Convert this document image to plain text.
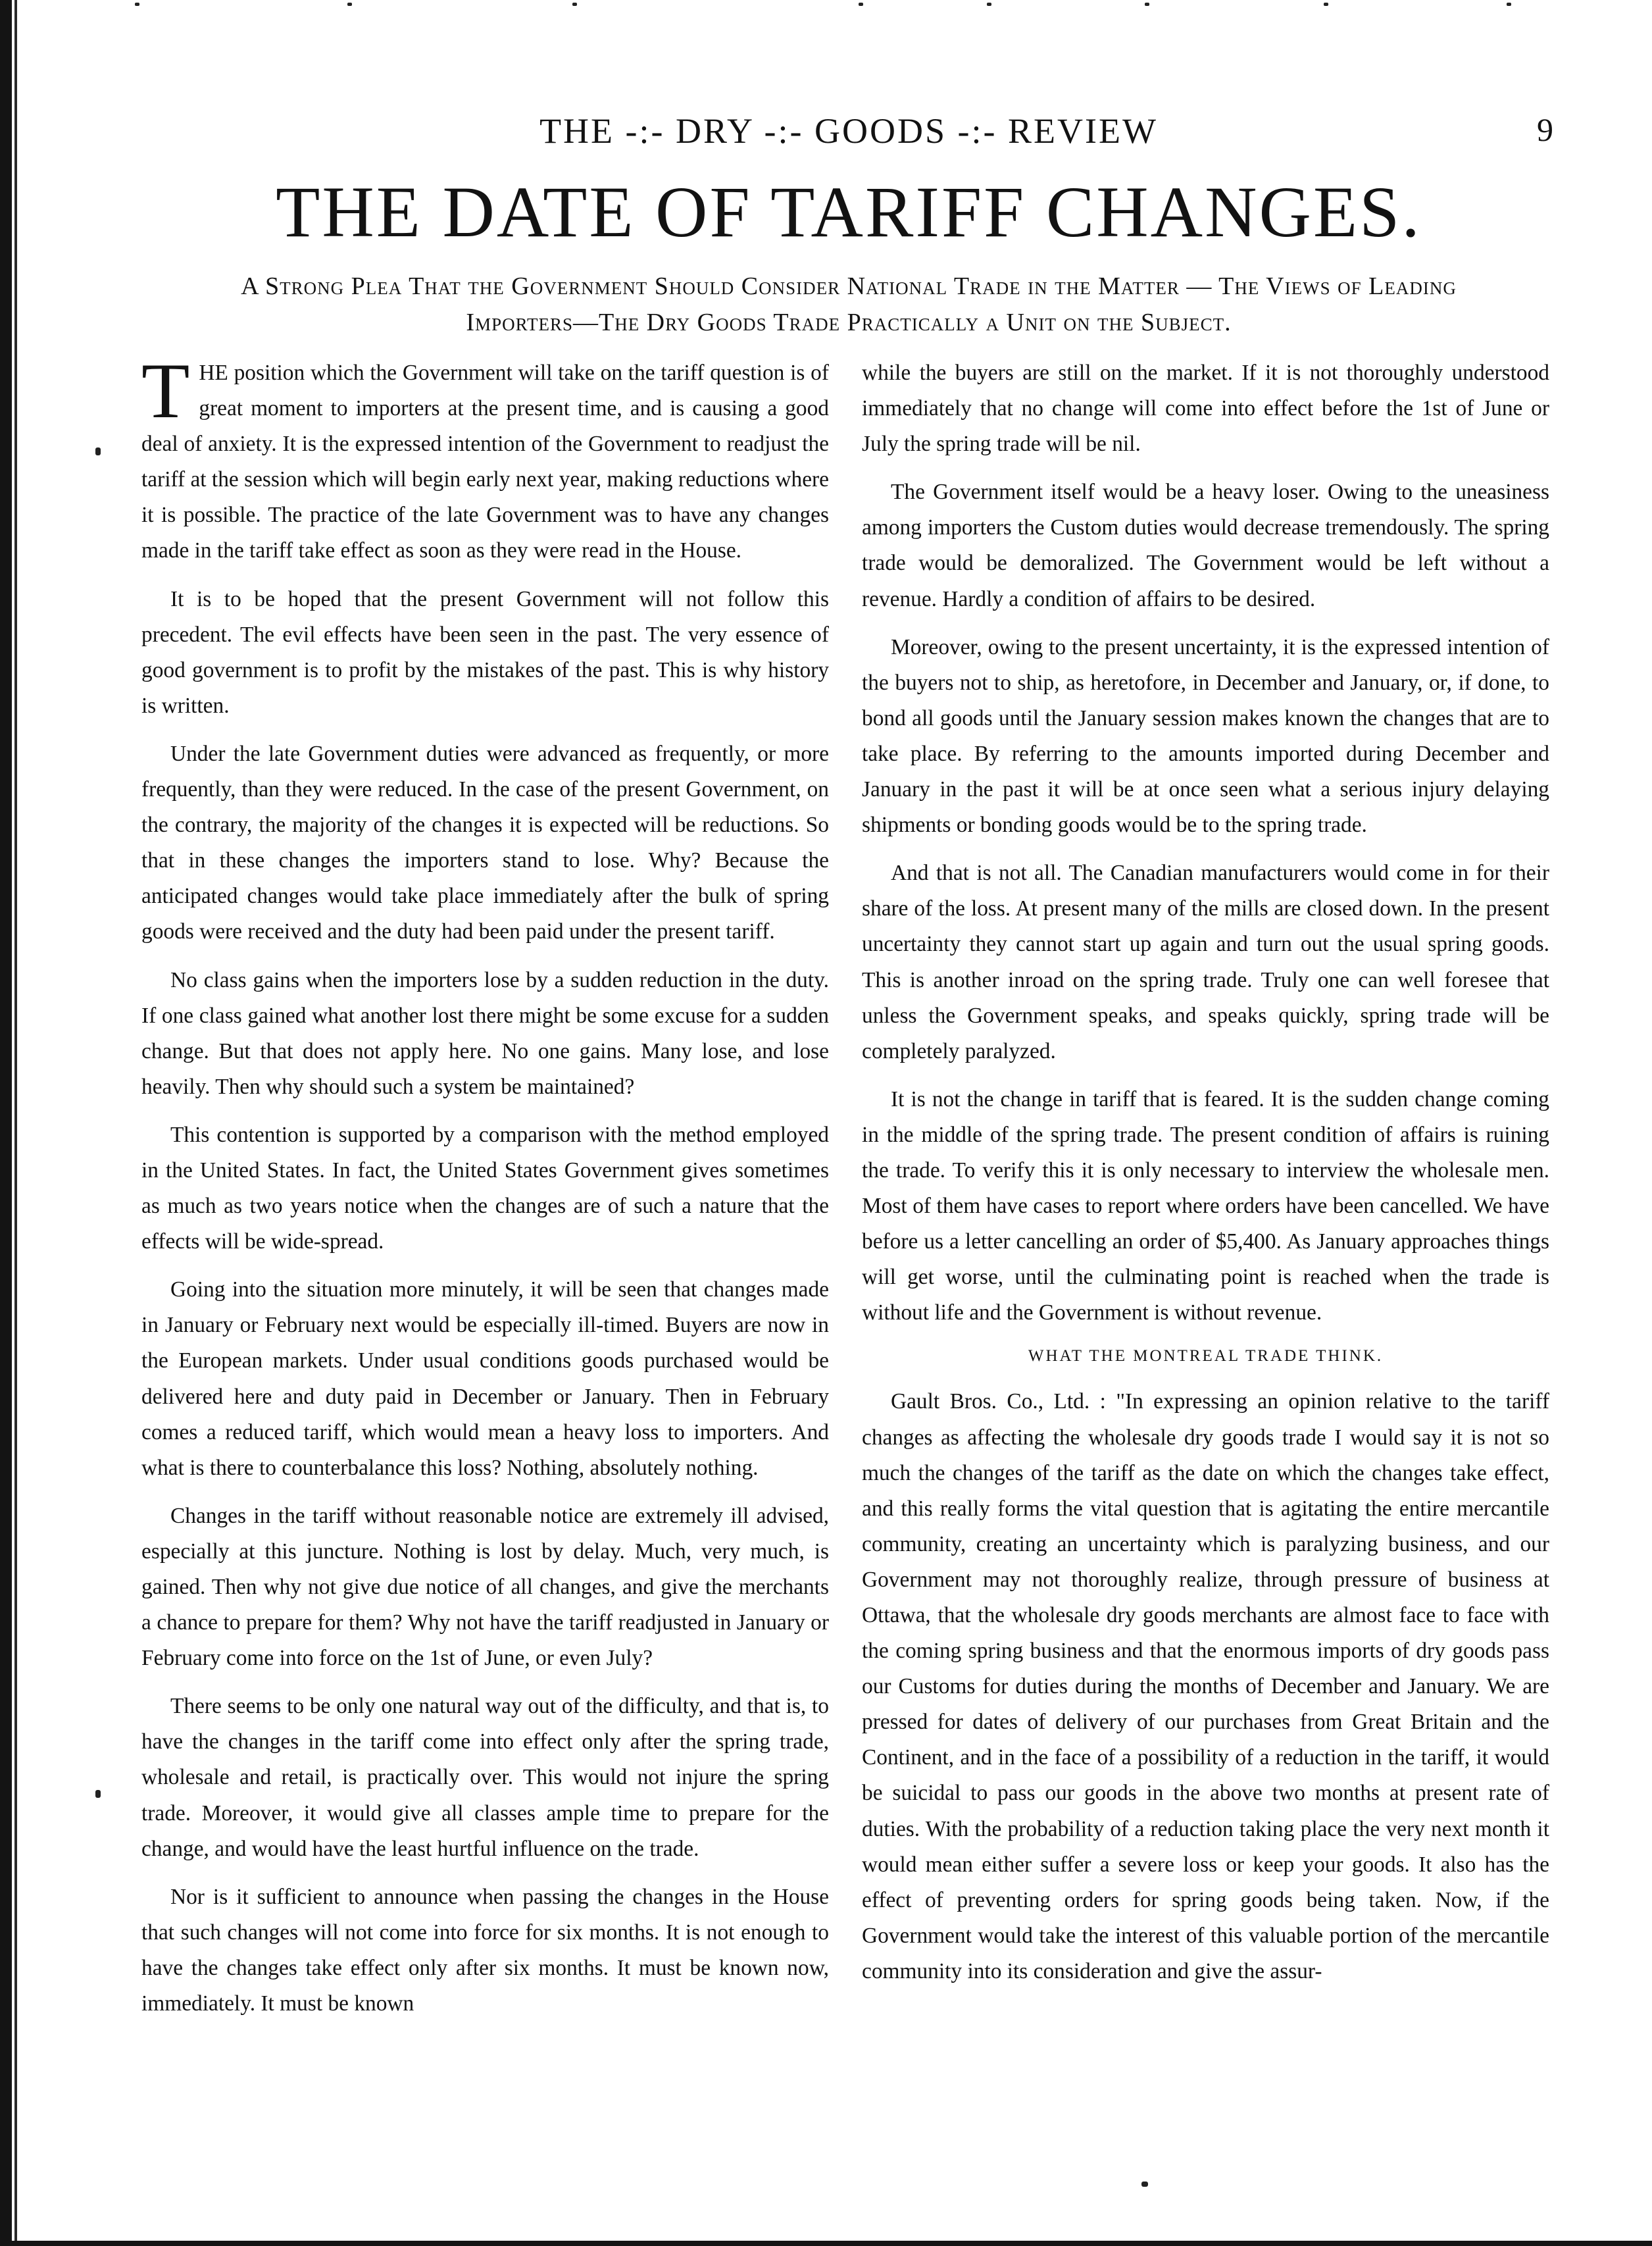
THE -:- DRY -:- GOODS -:- REVIEW	9
THE DATE OF TARIFF CHANGES.
A Strong Plea That the Government Should Consider National Trade in the Matter — The Views of Leading
Importers—The Dry Goods Trade Practically a Unit on the Subject.

THE position which the Government will take on the tariff question is of great moment to importers at the present time, and is causing a good deal of anxiety. It is the expressed intention of the Government to readjust the tariff at the session which will begin early next year, making reductions where it is possible. The practice of the late Government was to have any changes made in the tariff take effect as soon as they were read in the House.

It is to be hoped that the present Government will not follow this precedent. The evil effects have been seen in the past. The very essence of good government is to profit by the mistakes of the past. This is why history is written.

Under the late Government duties were advanced as frequently, or more frequently, than they were reduced. In the case of the present Government, on the contrary, the majority of the changes it is expected will be reductions. So that in these changes the importers stand to lose. Why? Because the anticipated changes would take place immediately after the bulk of spring goods were received and the duty had been paid under the present tariff.

No class gains when the importers lose by a sudden reduction in the duty. If one class gained what another lost there might be some excuse for a sudden change. But that does not apply here. No one gains. Many lose, and lose heavily. Then why should such a system be maintained?

This contention is supported by a comparison with the method employed in the United States. In fact, the United States Government gives sometimes as much as two years notice when the changes are of such a nature that the effects will be wide-spread.

Going into the situation more minutely, it will be seen that changes made in January or February next would be especially ill-timed. Buyers are now in the European markets. Under usual conditions goods purchased would be delivered here and duty paid in December or January. Then in February comes a reduced tariff, which would mean a heavy loss to importers. And what is there to counterbalance this loss? Nothing, absolutely nothing.

Changes in the tariff without reasonable notice are extremely ill advised, especially at this juncture. Nothing is lost by delay. Much, very much, is gained. Then why not give due notice of all changes, and give the merchants a chance to prepare for them? Why not have the tariff readjusted in January or February come into force on the 1st of June, or even July?

There seems to be only one natural way out of the difficulty, and that is, to have the changes in the tariff come into effect only after the spring trade, wholesale and retail, is practically over. This would not injure the spring trade. Moreover, it would give all classes ample time to prepare for the change, and would have the least hurtful influence on the trade.

Nor is it sufficient to announce when passing the changes in the House that such changes will not come into force for six months. It is not enough to have the changes take effect only after six months. It must be known now, immediately. It must be known

while the buyers are still on the market. If it is not thoroughly understood immediately that no change will come into effect before the 1st of June or July the spring trade will be nil.

The Government itself would be a heavy loser. Owing to the uneasiness among importers the Custom duties would decrease tremendously. The spring trade would be demoralized. The Government would be left without a revenue. Hardly a condition of affairs to be desired.

Moreover, owing to the present uncertainty, it is the expressed intention of the buyers not to ship, as heretofore, in December and January, or, if done, to bond all goods until the January session makes known the changes that are to take place. By referring to the amounts imported during December and January in the past it will be at once seen what a serious injury delaying shipments or bonding goods would be to the spring trade.

And that is not all. The Canadian manufacturers would come in for their share of the loss. At present many of the mills are closed down. In the present uncertainty they cannot start up again and turn out the usual spring goods. This is another inroad on the spring trade. Truly one can well foresee that unless the Government speaks, and speaks quickly, spring trade will be completely paralyzed.

It is not the change in tariff that is feared. It is the sudden change coming in the middle of the spring trade. The present condition of affairs is ruining the trade. To verify this it is only necessary to interview the wholesale men. Most of them have cases to report where orders have been cancelled. We have before us a letter cancelling an order of $5,400. As January approaches things will get worse, until the culminating point is reached when the trade is without life and the Government is without revenue.

WHAT THE MONTREAL TRADE THINK.

Gault Bros. Co., Ltd. : "In expressing an opinion relative to the tariff changes as affecting the wholesale dry goods trade I would say it is not so much the changes of the tariff as the date on which the changes take effect, and this really forms the vital question that is agitating the entire mercantile community, creating an uncertainty which is paralyzing business, and our Government may not thoroughly realize, through pressure of business at Ottawa, that the wholesale dry goods merchants are almost face to face with the coming spring business and that the enormous imports of dry goods pass our Customs for duties during the months of December and January. We are pressed for dates of delivery of our purchases from Great Britain and the Continent, and in the face of a possibility of a reduction in the tariff, it would be suicidal to pass our goods in the above two months at present rate of duties. With the probability of a reduction taking place the very next month it would mean either suffer a severe loss or keep your goods. It also has the effect of preventing orders for spring goods being taken. Now, if the Government would take the interest of this valuable portion of the mercantile community into its consideration and give the assur-
